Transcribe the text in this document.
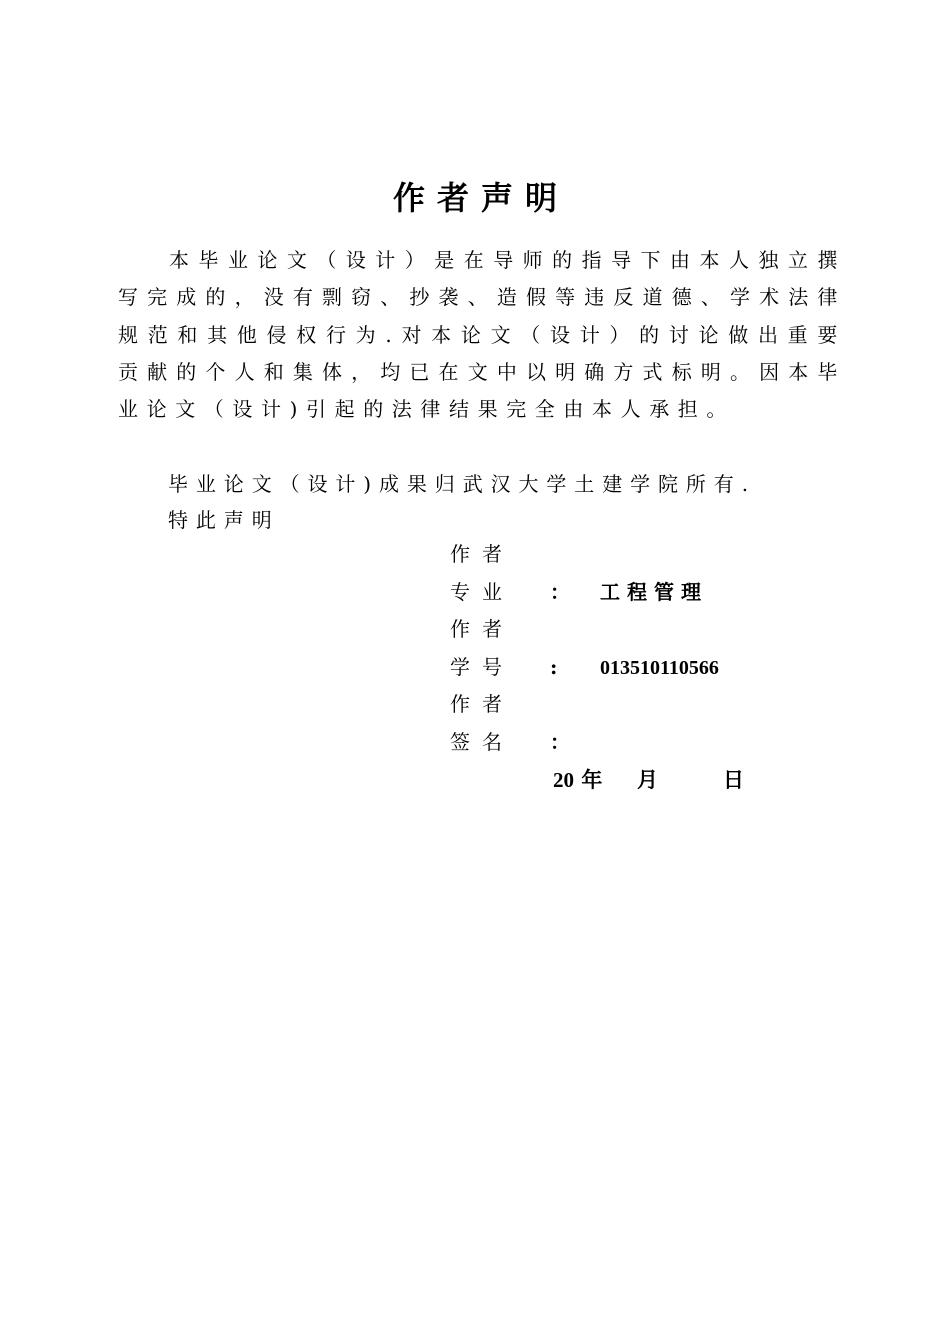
作者声明
本毕业论文（设计）是在导师的指导下由本人独立撰写完成的，没有剽窃、抄袭、造假等违反道德、学术法律规范和其他侵权行为.对本论文（设计）的讨论做出重要贡献的个人和集体，均已在文中以明确方式标明。因本毕业论文（设计)引起的法律结果完全由本人承担。
毕业论文（设计)成果归武汉大学土建学院所有.
特此声明
作者
专业 ： 工程管理
作者
学号 : 013510110566
作者
签名 ：
20 年 月	日
